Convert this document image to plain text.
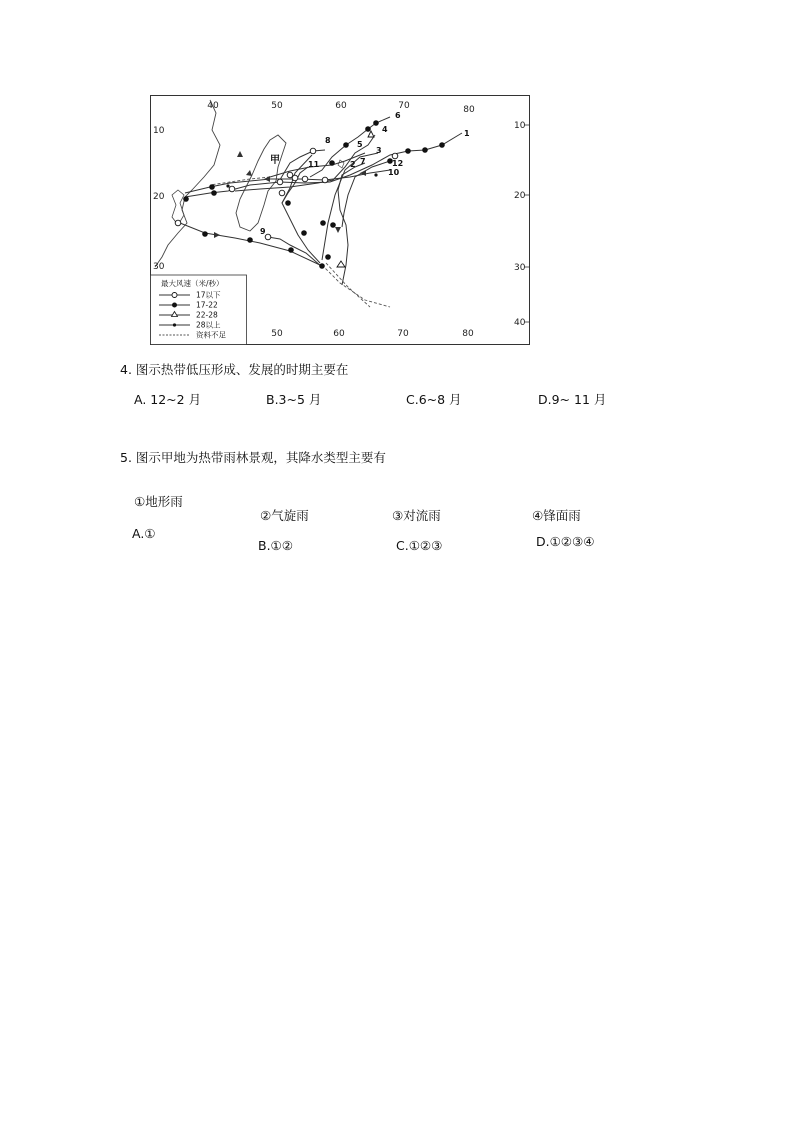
40	50	60	70	80
50	60	70	80
10
20
30
10
20
30
40
1
2
3
4
5
6
7
8
9
10
11	12
甲
最大风速（米/秒）
17以下
17-22
22-28
28以上
资料不足
4. 图示热带低压形成、发展的时期主要在
A. 12~2 月	B.3~5 月	C.6~8 月	D.9~ 11 月
5. 图示甲地为热带雨林景观，其降水类型主要有
①地形雨
②气旋雨	③对流雨	④锋面雨
A.①
B.①②	C.①②③	D.①②③④
